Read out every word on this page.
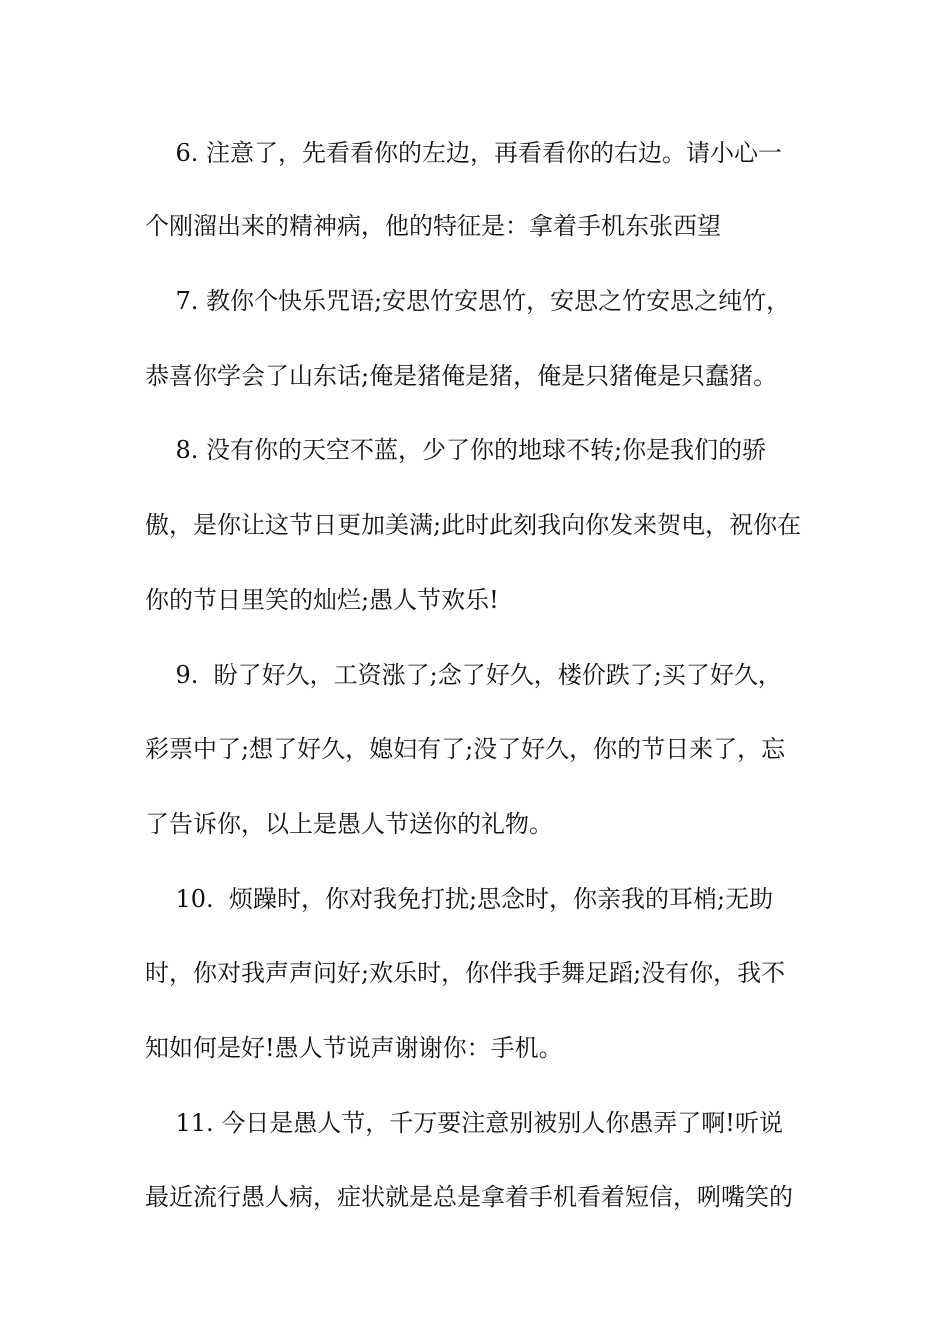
6. 注意了，先看看你的左边，再看看你的右边。请小心一
个刚溜出来的精神病，他的特征是：拿着手机东张西望
7. 教你个快乐咒语;安思竹安思竹，安思之竹安思之纯竹，
恭喜你学会了山东话;俺是猪俺是猪，俺是只猪俺是只蠢猪。
8. 没有你的天空不蓝，少了你的地球不转;你是我们的骄
傲，是你让这节日更加美满;此时此刻我向你发来贺电，祝你在
你的节日里笑的灿烂;愚人节欢乐!
9.  盼了好久，工资涨了;念了好久，楼价跌了;买了好久，
彩票中了;想了好久，媳妇有了;没了好久，你的节日来了，忘
了告诉你，以上是愚人节送你的礼物。
10.  烦躁时，你对我免打扰;思念时，你亲我的耳梢;无助
时，你对我声声问好;欢乐时，你伴我手舞足蹈;没有你，我不
知如何是好!愚人节说声谢谢你：手机。
11. 今日是愚人节，千万要注意别被别人你愚弄了啊!听说
最近流行愚人病，症状就是总是拿着手机看着短信，咧嘴笑的
